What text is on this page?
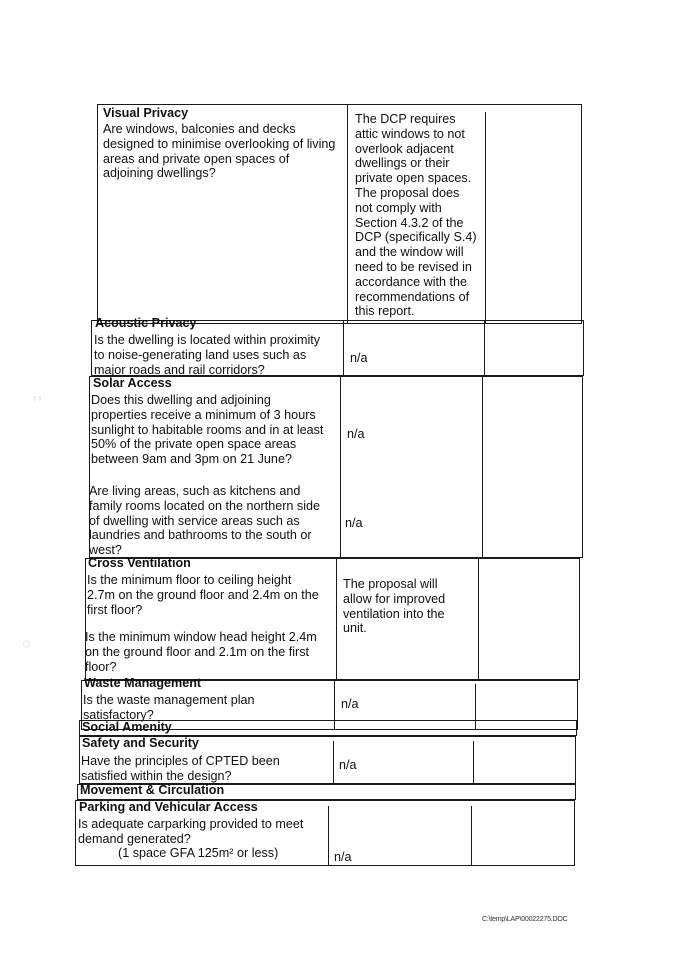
Visual Privacy
Are windows, balconies and decks
designed to minimise overlooking of living
areas and private open spaces of
adjoining dwellings?
The DCP requires
attic windows to not
overlook adjacent
dwellings or their
private open spaces.
The proposal does
not comply with
Section 4.3.2 of the
DCP (specifically S.4)
and the window will
need to be revised in
accordance with the
recommendations of
this report.
Acoustic Privacy
Is the dwelling is located within proximity
to noise-generating land uses such as
major roads and rail corridors?
n/a
Solar Access
Does this dwelling and adjoining
properties receive a minimum of 3 hours
sunlight to habitable rooms and in at least
50% of the private open space areas
between 9am and 3pm on 21 June?
Are living areas, such as kitchens and
family rooms located on the northern side
of dwelling with service areas such as
laundries and bathrooms to the south or
west?
n/a
n/a
Cross Ventilation
Is the minimum floor to ceiling height
2.7m on the ground floor and 2.4m on the
first floor?
Is the minimum window head height 2.4m
on the ground floor and 2.1m on the first
floor?
The proposal will
allow for improved
ventilation into the
unit.
Waste Management
Is the waste management plan
satisfactory?
n/a
Social Amenity
Safety and Security
Have the principles of CPTED been
satisfied within the design?
n/a
Movement & Circulation
Parking and Vehicular Access
Is adequate carparking provided to meet
demand generated?
(1 space GFA 125m² or less)	n/a
C:\temp\LAP\00022275.DOC
⁽ ⁾
◌
